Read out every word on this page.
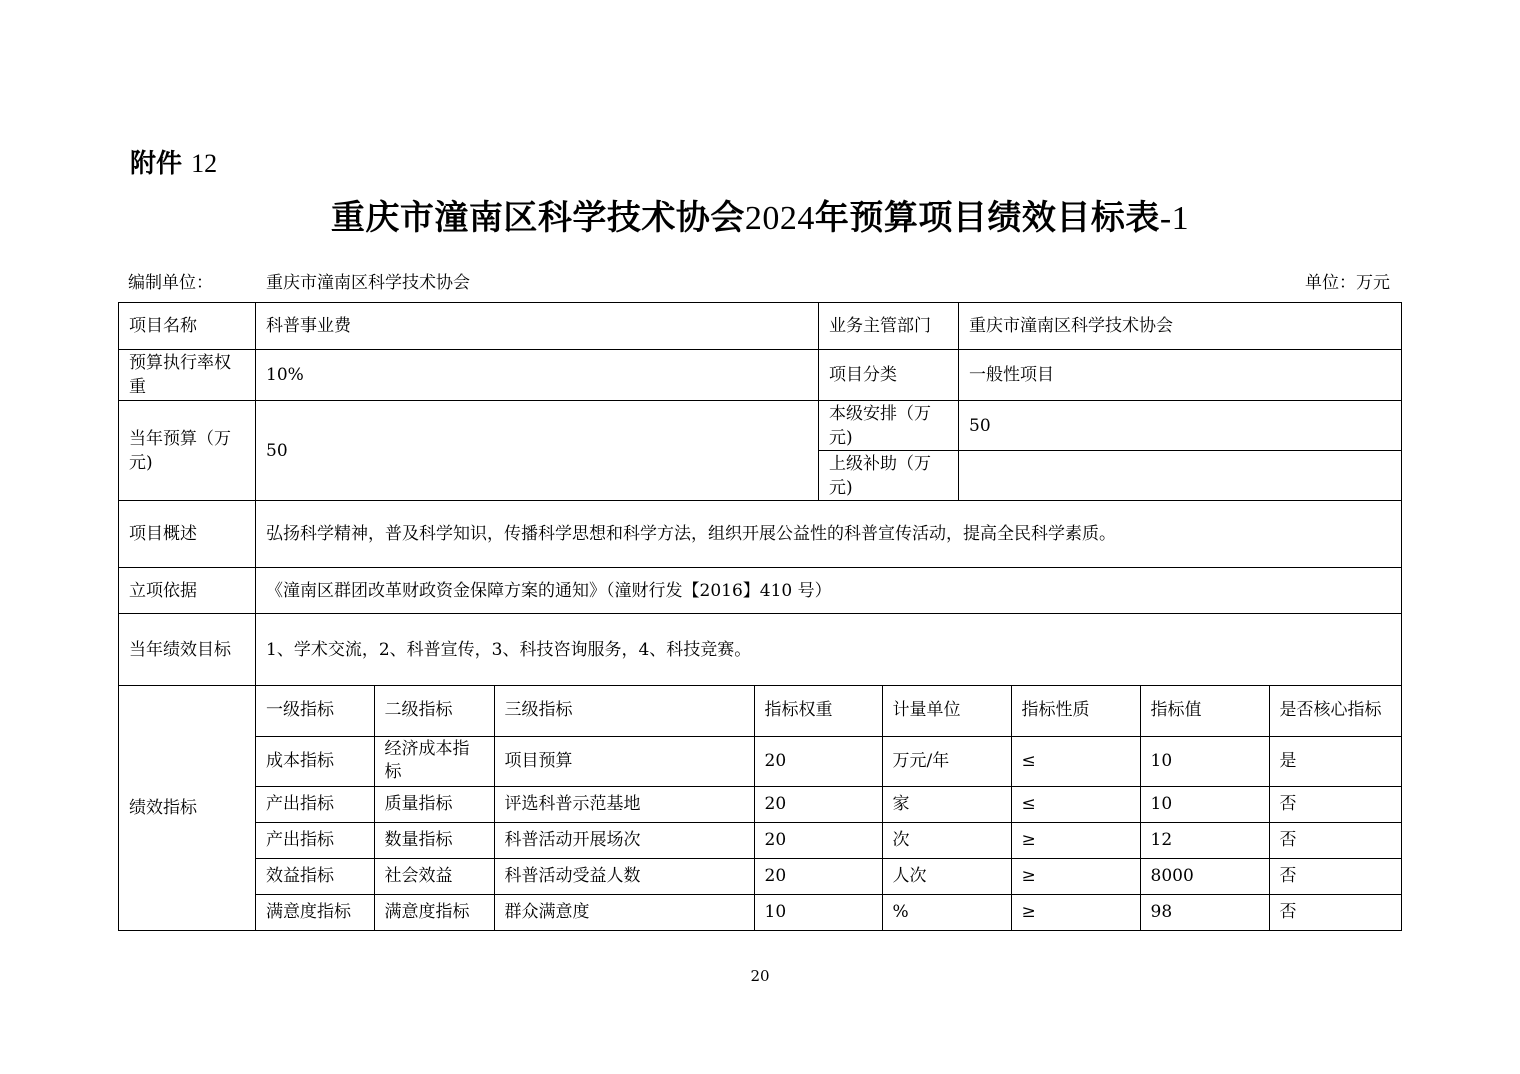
附件 12
重庆市潼南区科学技术协会2024年预算项目绩效目标表-1
编制单位：	重庆市潼南区科学技术协会	单位：万元
项目名称	科普事业费	业务主管部门	重庆市潼南区科学技术协会
预算执行率权重	10%	项目分类	一般性项目
当年预算（万元)	50	本级安排（万元)	50
上级补助（万元)	
项目概述	弘扬科学精神，普及科学知识，传播科学思想和科学方法，组织开展公益性的科普宣传活动，提高全民科学素质。
立项依据	《潼南区群团改革财政资金保障方案的通知》（潼财行发【2016】410 号）
当年绩效目标	1、学术交流，2、科普宣传，3、科技咨询服务，4、科技竞赛。
绩效指标	
一级指标	二级指标	三级指标	指标权重	计量单位	指标性质	指标值	是否核心指标
成本指标	经济成本指标	项目预算	20	万元/年	≤	10	是
产出指标	质量指标	评选科普示范基地	20	家	≤	10	否
产出指标	数量指标	科普活动开展场次	20	次	≥	12	否
效益指标	社会效益	科普活动受益人数	20	人次	≥	8000	否
满意度指标	满意度指标	群众满意度	10	%	≥	98	否
20
